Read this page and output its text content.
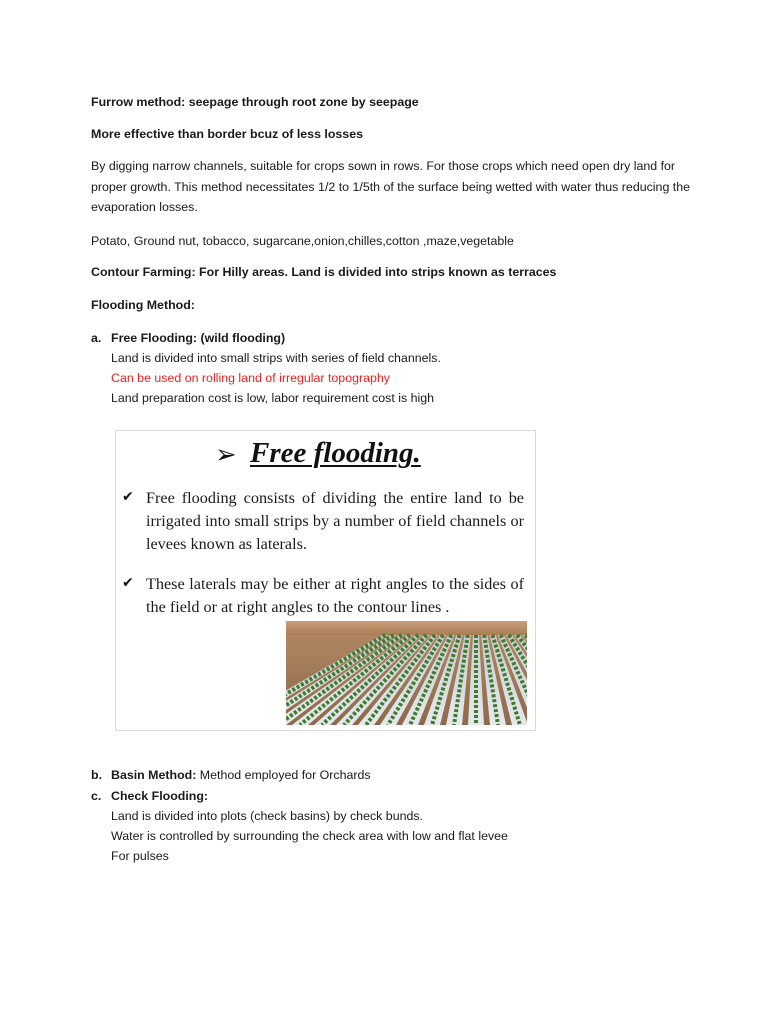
Furrow method: seepage through root zone by seepage

More effective than border bcuz of less losses

By digging narrow channels, suitable for crops sown in rows. For those crops which need open dry land for proper growth. This method necessitates 1/2 to 1/5th of the surface being wetted with water thus reducing the evaporation losses.

Potato, Ground nut, tobacco, sugarcane,onion,chilles,cotton ,maze,vegetable

Contour Farming: For Hilly areas. Land is divided into strips known as terraces

Flooding Method:

a. Free Flooding: (wild flooding)
Land is divided into small strips with series of field channels.
Can be used on rolling land of irregular topography
Land preparation cost is low, labor requirement cost is high
➢ Free flooding.
✔ Free flooding consists of dividing the entire land to be irrigated into small strips by a number of field channels or levees known as laterals.
✔ These laterals may be either at right angles to the sides of the field or at right angles to the contour lines .
b. Basin Method: Method employed for Orchards
c. Check Flooding:
Land is divided into plots (check basins) by check bunds.
Water is controlled by surrounding the check area with low and flat levee
For pulses
